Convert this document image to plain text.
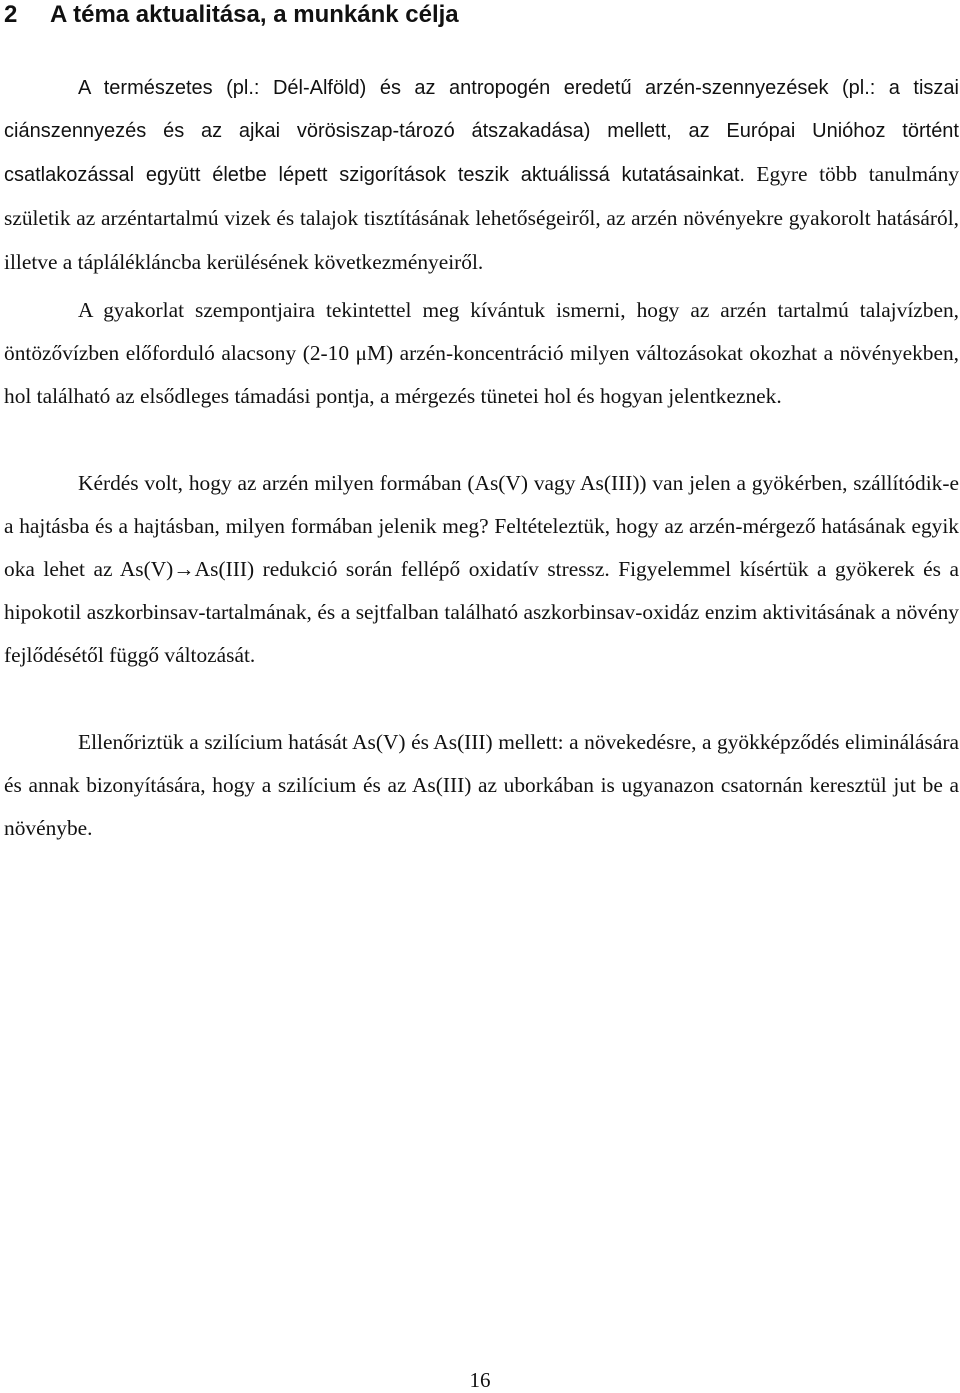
2 A téma aktualitása, a munkánk célja

A természetes (pl.: Dél-Alföld) és az antropogén eredetű arzén-szennyezések (pl.: a tiszai ciánszennyezés és az ajkai vörösiszap-tározó átszakadása) mellett, az Európai Unióhoz történt csatlakozással együtt életbe lépett szigorítások teszik aktuálissá kutatásainkat. Egyre több tanulmány születik az arzéntartalmú vizek és talajok tisztításának lehetőségeiről, az arzén növényekre gyakorolt hatásáról, illetve a táplálékláncba kerülésének következményeiről.

A gyakorlat szempontjaira tekintettel meg kívántuk ismerni, hogy az arzén tartalmú talajvízben, öntözővízben előforduló alacsony (2-10 μM) arzén-koncentráció milyen változásokat okozhat a növényekben, hol található az elsődleges támadási pontja, a mérgezés tünetei hol és hogyan jelentkeznek.

Kérdés volt, hogy az arzén milyen formában (As(V) vagy As(III)) van jelen a gyökérben, szállítódik-e a hajtásba és a hajtásban, milyen formában jelenik meg? Feltételeztük, hogy az arzén-mérgező hatásának egyik oka lehet az As(V)→As(III) redukció során fellépő oxidatív stressz. Figyelemmel kísértük a gyökerek és a hipokotil aszkorbinsav-tartalmának, és a sejtfalban található aszkorbinsav-oxidáz enzim aktivitásának a növény fejlődésétől függő változását.

Ellenőriztük a szilícium hatását As(V) és As(III) mellett: a növekedésre, a gyökképződés eliminálására és annak bizonyítására, hogy a szilícium és az As(III) az uborkában is ugyanazon csatornán keresztül jut be a növénybe.

16
